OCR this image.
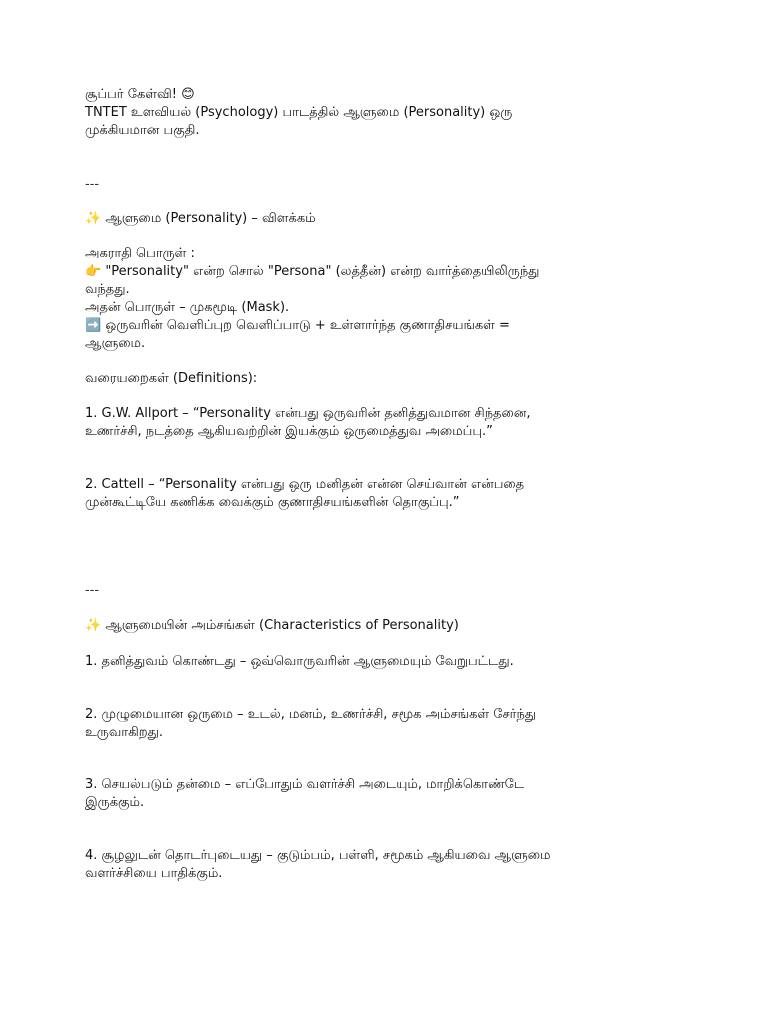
சூப்பர் கேள்வி! 😊
TNTET உளவியல் (Psychology) பாடத்தில் ஆளுமை (Personality) ஒரு
முக்கியமான பகுதி.
---
✨ ஆளுமை (Personality) – விளக்கம்
அகராதி பொருள் :
👉 "Personality" என்ற சொல் "Persona" (லத்தீன்) என்ற வார்த்தையிலிருந்து
வந்தது.
அதன் பொருள் – முகமூடி (Mask).
➡️ ஒருவரின் வெளிப்புற வெளிப்பாடு + உள்ளார்ந்த குணாதிசயங்கள் =
ஆளுமை.
வரையறைகள் (Definitions):
1. G.W. Allport – “Personality என்பது ஒருவரின் தனித்துவமான சிந்தனை,
உணர்ச்சி, நடத்தை ஆகியவற்றின் இயக்கும் ஒருமைத்துவ அமைப்பு.”
2. Cattell – “Personality என்பது ஒரு மனிதன் என்ன செய்வான் என்பதை
முன்கூட்டியே கணிக்க வைக்கும் குணாதிசயங்களின் தொகுப்பு.”
---
✨ ஆளுமையின் அம்சங்கள் (Characteristics of Personality)
1. தனித்துவம் கொண்டது – ஒவ்வொருவரின் ஆளுமையும் வேறுபட்டது.
2. முழுமையான ஒருமை – உடல், மனம், உணர்ச்சி, சமூக அம்சங்கள் சேர்ந்து
உருவாகிறது.
3. செயல்படும் தன்மை – எப்போதும் வளர்ச்சி அடையும், மாறிக்கொண்டே
இருக்கும்.
4. சூழலுடன் தொடர்புடையது – குடும்பம், பள்ளி, சமூகம் ஆகியவை ஆளுமை
வளர்ச்சியை பாதிக்கும்.
